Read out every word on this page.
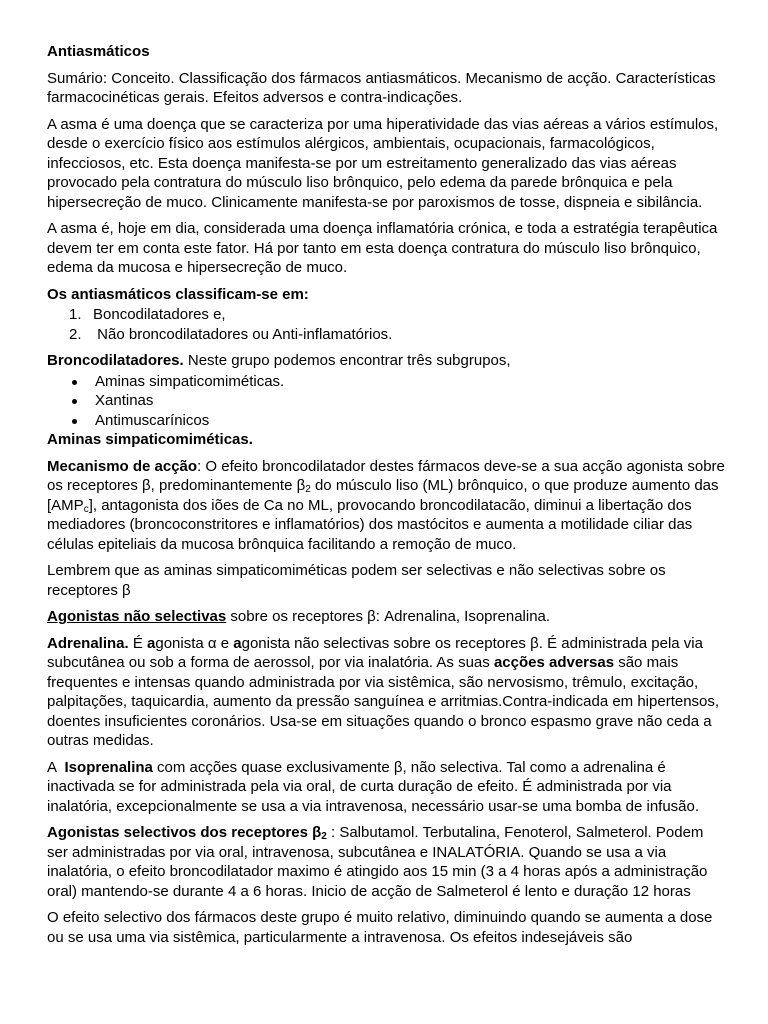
Antiasmáticos

Sumário: Conceito. Classificação dos fármacos antiasmáticos. Mecanismo de acção. Características farmacocinéticas gerais. Efeitos adversos e contra-indicações.

A asma é uma doença que se caracteriza por uma hiperatividade das vias aéreas a vários estímulos, desde o exercício físico aos estímulos alérgicos, ambientais, ocupacionais, farmacológicos, infecciosos, etc. Esta doença manifesta-se por um estreitamento generalizado das vias aéreas provocado pela contratura do músculo liso brônquico, pelo edema da parede brônquica e pela hipersecreção de muco. Clinicamente manifesta-se por paroxismos de tosse, dispneia e sibilância.

A asma é, hoje em dia, considerada uma doença inflamatória crónica, e toda a estratégia terapêutica devem ter em conta este fator. Há por tanto em esta doença contratura do músculo liso brônquico, edema da mucosa e hipersecreção de muco.

Os antiasmáticos classificam-se em:

1. Boncodilatadores e,
2. Não broncodilatadores ou Anti-inflamatórios.

Broncodilatadores. Neste grupo podemos encontrar três subgrupos,

Aminas simpaticomiméticas.
Xantinas
Antimuscarínicos

Aminas simpaticomiméticas.

Mecanismo de acção: O efeito broncodilatador destes fármacos deve-se a sua acção agonista sobre os receptores β, predominantemente $\beta_2$ do músculo liso (ML) brônquico, o que produze aumento das $[AMP_c]$, antagonista dos iões de Ca no ML, provocando broncodilatacão, diminui a libertação dos mediadores (broncoconstritores e inflamatórios) dos mastócitos e aumenta a motilidade ciliar das células epiteliais da mucosa brônquica facilitando a remoção de muco.

Lembrem que as aminas simpaticomiméticas podem ser selectivas e não selectivas sobre os receptores β

Agonistas não selectivas sobre os receptores β: Adrenalina, Isoprenalina.

Adrenalina. É agonista α e agonista não selectivas sobre os receptores β. É administrada pela via subcutânea ou sob a forma de aerossol, por via inalatória. As suas acções adversas são mais frequentes e intensas quando administrada por via sistêmica, são nervosismo, trêmulo, excitação, palpitações, taquicardia, aumento da pressão sanguínea e arritmias.Contra-indicada em hipertensos, doentes insuficientes coronários. Usa-se em situações quando o bronco espasmo grave não ceda a outras medidas.

A  Isoprenalina com acções quase exclusivamente β, não selectiva. Tal como a adrenalina é inactivada se for administrada pela via oral, de curta duração de efeito. É administrada por via inalatória, excepcionalmente se usa a via intravenosa, necessário usar-se uma bomba de infusão.

Agonistas selectivos dos receptores $\beta_2$ : Salbutamol. Terbutalina, Fenoterol, Salmeterol. Podem ser administradas por via oral, intravenosa, subcutânea e INALATÓRIA. Quando se usa a via inalatória, o efeito broncodilatador maximo é atingido aos 15 min (3 a 4 horas após a administração oral) mantendo-se durante 4 a 6 horas. Inicio de acção de Salmeterol é lento e duração 12 horas

O efeito selectivo dos fármacos deste grupo é muito relativo, diminuindo quando se aumenta a dose ou se usa uma via sistêmica, particularmente a intravenosa. Os efeitos indesejáveis são
